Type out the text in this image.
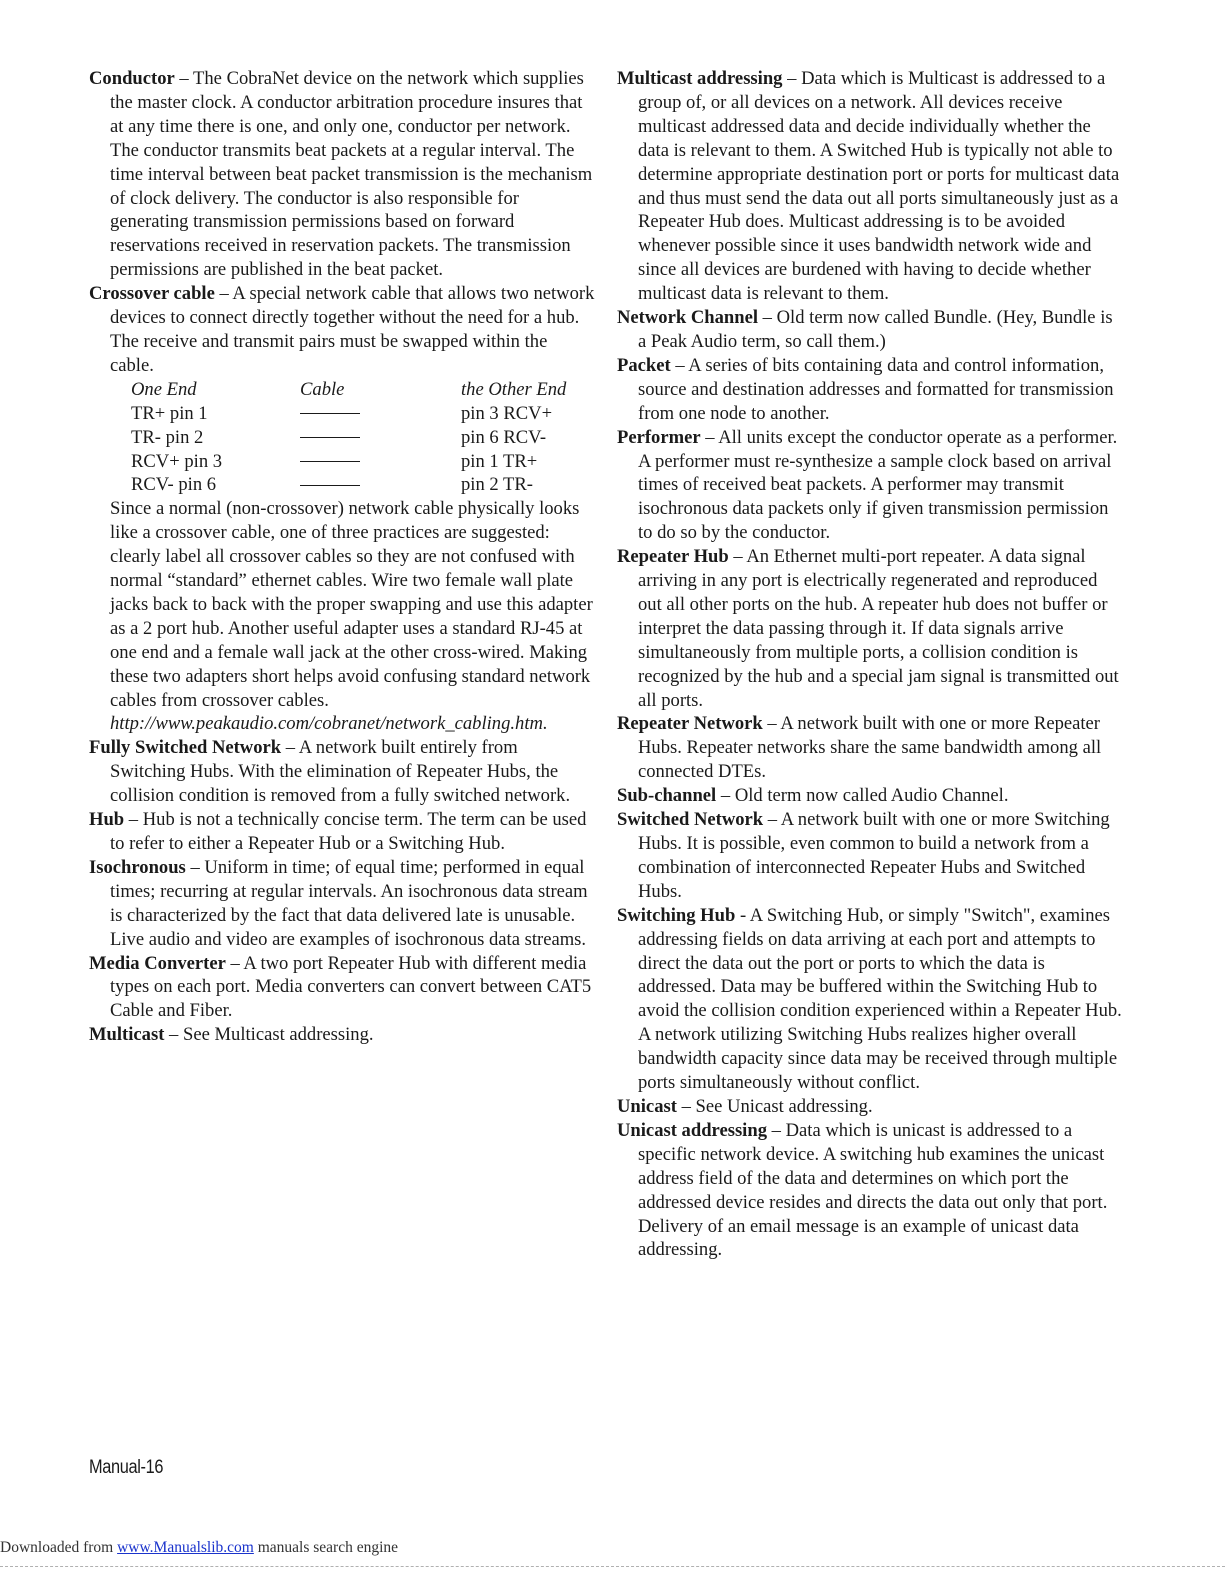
Conductor – The CobraNet device on the network which supplies the master clock. A conductor arbitration procedure insures that at any time there is one, and only one, conductor per network. The conductor transmits beat packets at a regular interval. The time interval between beat packet transmission is the mechanism of clock delivery. The conductor is also responsible for generating transmission permissions based on forward reservations received in reservation packets. The transmission permissions are published in the beat packet.

Crossover cable – A special network cable that allows two network devices to connect directly together without the need for a hub. The receive and transmit pairs must be swapped within the cable.

One End	Cable	the Other End
TR+ pin 1		pin 3 RCV+
TR- pin 2		pin 6 RCV-
RCV+ pin 3		pin 1 TR+
RCV- pin 6		pin 2 TR-

Since a normal (non-crossover) network cable physically looks like a crossover cable, one of three practices are suggested: clearly label all crossover cables so they are not confused with normal “standard” ethernet cables. Wire two female wall plate jacks back to back with the proper swapping and use this adapter as a 2 port hub. Another useful adapter uses a standard RJ-45 at one end and a female wall jack at the other cross-wired. Making these two adapters short helps avoid confusing standard network cables from crossover cables. http://www.peakaudio.com/cobranet/network_cabling.htm.

Fully Switched Network – A network built entirely from Switching Hubs. With the elimination of Repeater Hubs, the collision condition is removed from a fully switched network.

Hub – Hub is not a technically concise term. The term can be used to refer to either a Repeater Hub or a Switching Hub.

Isochronous – Uniform in time; of equal time; performed in equal times; recurring at regular intervals. An isochronous data stream is characterized by the fact that data delivered late is unusable. Live audio and video are examples of isochronous data streams.

Media Converter – A two port Repeater Hub with different media types on each port. Media converters can convert between CAT5 Cable and Fiber.

Multicast – See Multicast addressing.

Multicast addressing – Data which is Multicast is addressed to a group of, or all devices on a network. All devices receive multicast addressed data and decide individually whether the data is relevant to them. A Switched Hub is typically not able to determine appropriate destination port or ports for multicast data and thus must send the data out all ports simultaneously just as a Repeater Hub does. Multicast addressing is to be avoided whenever possible since it uses bandwidth network wide and since all devices are burdened with having to decide whether multicast data is relevant to them.

Network Channel – Old term now called Bundle. (Hey, Bundle is a Peak Audio term, so call them.)

Packet – A series of bits containing data and control information, source and destination addresses and formatted for transmission from one node to another.

Performer – All units except the conductor operate as a performer. A performer must re-synthesize a sample clock based on arrival times of received beat packets. A performer may transmit isochronous data packets only if given transmission permission to do so by the conductor.

Repeater Hub – An Ethernet multi-port repeater. A data signal arriving in any port is electrically regenerated and reproduced out all other ports on the hub. A repeater hub does not buffer or interpret the data passing through it. If data signals arrive simultaneously from multiple ports, a collision condition is recognized by the hub and a special jam signal is transmitted out all ports.

Repeater Network – A network built with one or more Repeater Hubs. Repeater networks share the same bandwidth among all connected DTEs.

Sub-channel – Old term now called Audio Channel.

Switched Network – A network built with one or more Switching Hubs. It is possible, even common to build a network from a combination of interconnected Repeater Hubs and Switched Hubs.

Switching Hub - A Switching Hub, or simply "Switch", examines addressing fields on data arriving at each port and attempts to direct the data out the port or ports to which the data is addressed. Data may be buffered within the Switching Hub to avoid the collision condition experienced within a Repeater Hub. A network utilizing Switching Hubs realizes higher overall bandwidth capacity since data may be received through multiple ports simultaneously without conflict.

Unicast – See Unicast addressing.

Unicast addressing – Data which is unicast is addressed to a specific network device. A switching hub examines the unicast address field of the data and determines on which port the addressed device resides and directs the data out only that port. Delivery of an email message is an example of unicast data addressing.

Manual-16
Downloaded from www.Manualslib.com manuals search engine
